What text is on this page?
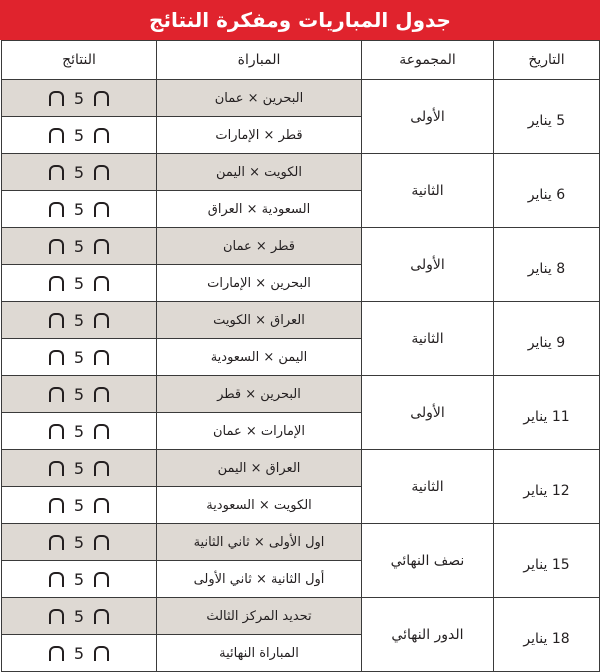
جدول المباريات ومفكرة النتائج
التاريخ	المجموعة	المباراة	النتائج
5 يناير	الأولى	البحرين × عمان	5
		قطر × الإمارات	5
6 يناير	الثانية	الكويت × اليمن	5
		السعودية × العراق	5
8 يناير	الأولى	قطر × عمان	5
		البحرين × الإمارات	5
9 يناير	الثانية	العراق × الكويت	5
		اليمن × السعودية	5
11 يناير	الأولى	البحرين × قطر	5
		الإمارات × عمان	5
12 يناير	الثانية	العراق × اليمن	5
		الكويت × السعودية	5
15 يناير	نصف النهائي	اول الأولى × ثاني الثانية	5
		أول الثانية × ثاني الأولى	5
18 يناير	الدور النهائي	تحديد المركز الثالث	5
		المباراة النهائية	5
